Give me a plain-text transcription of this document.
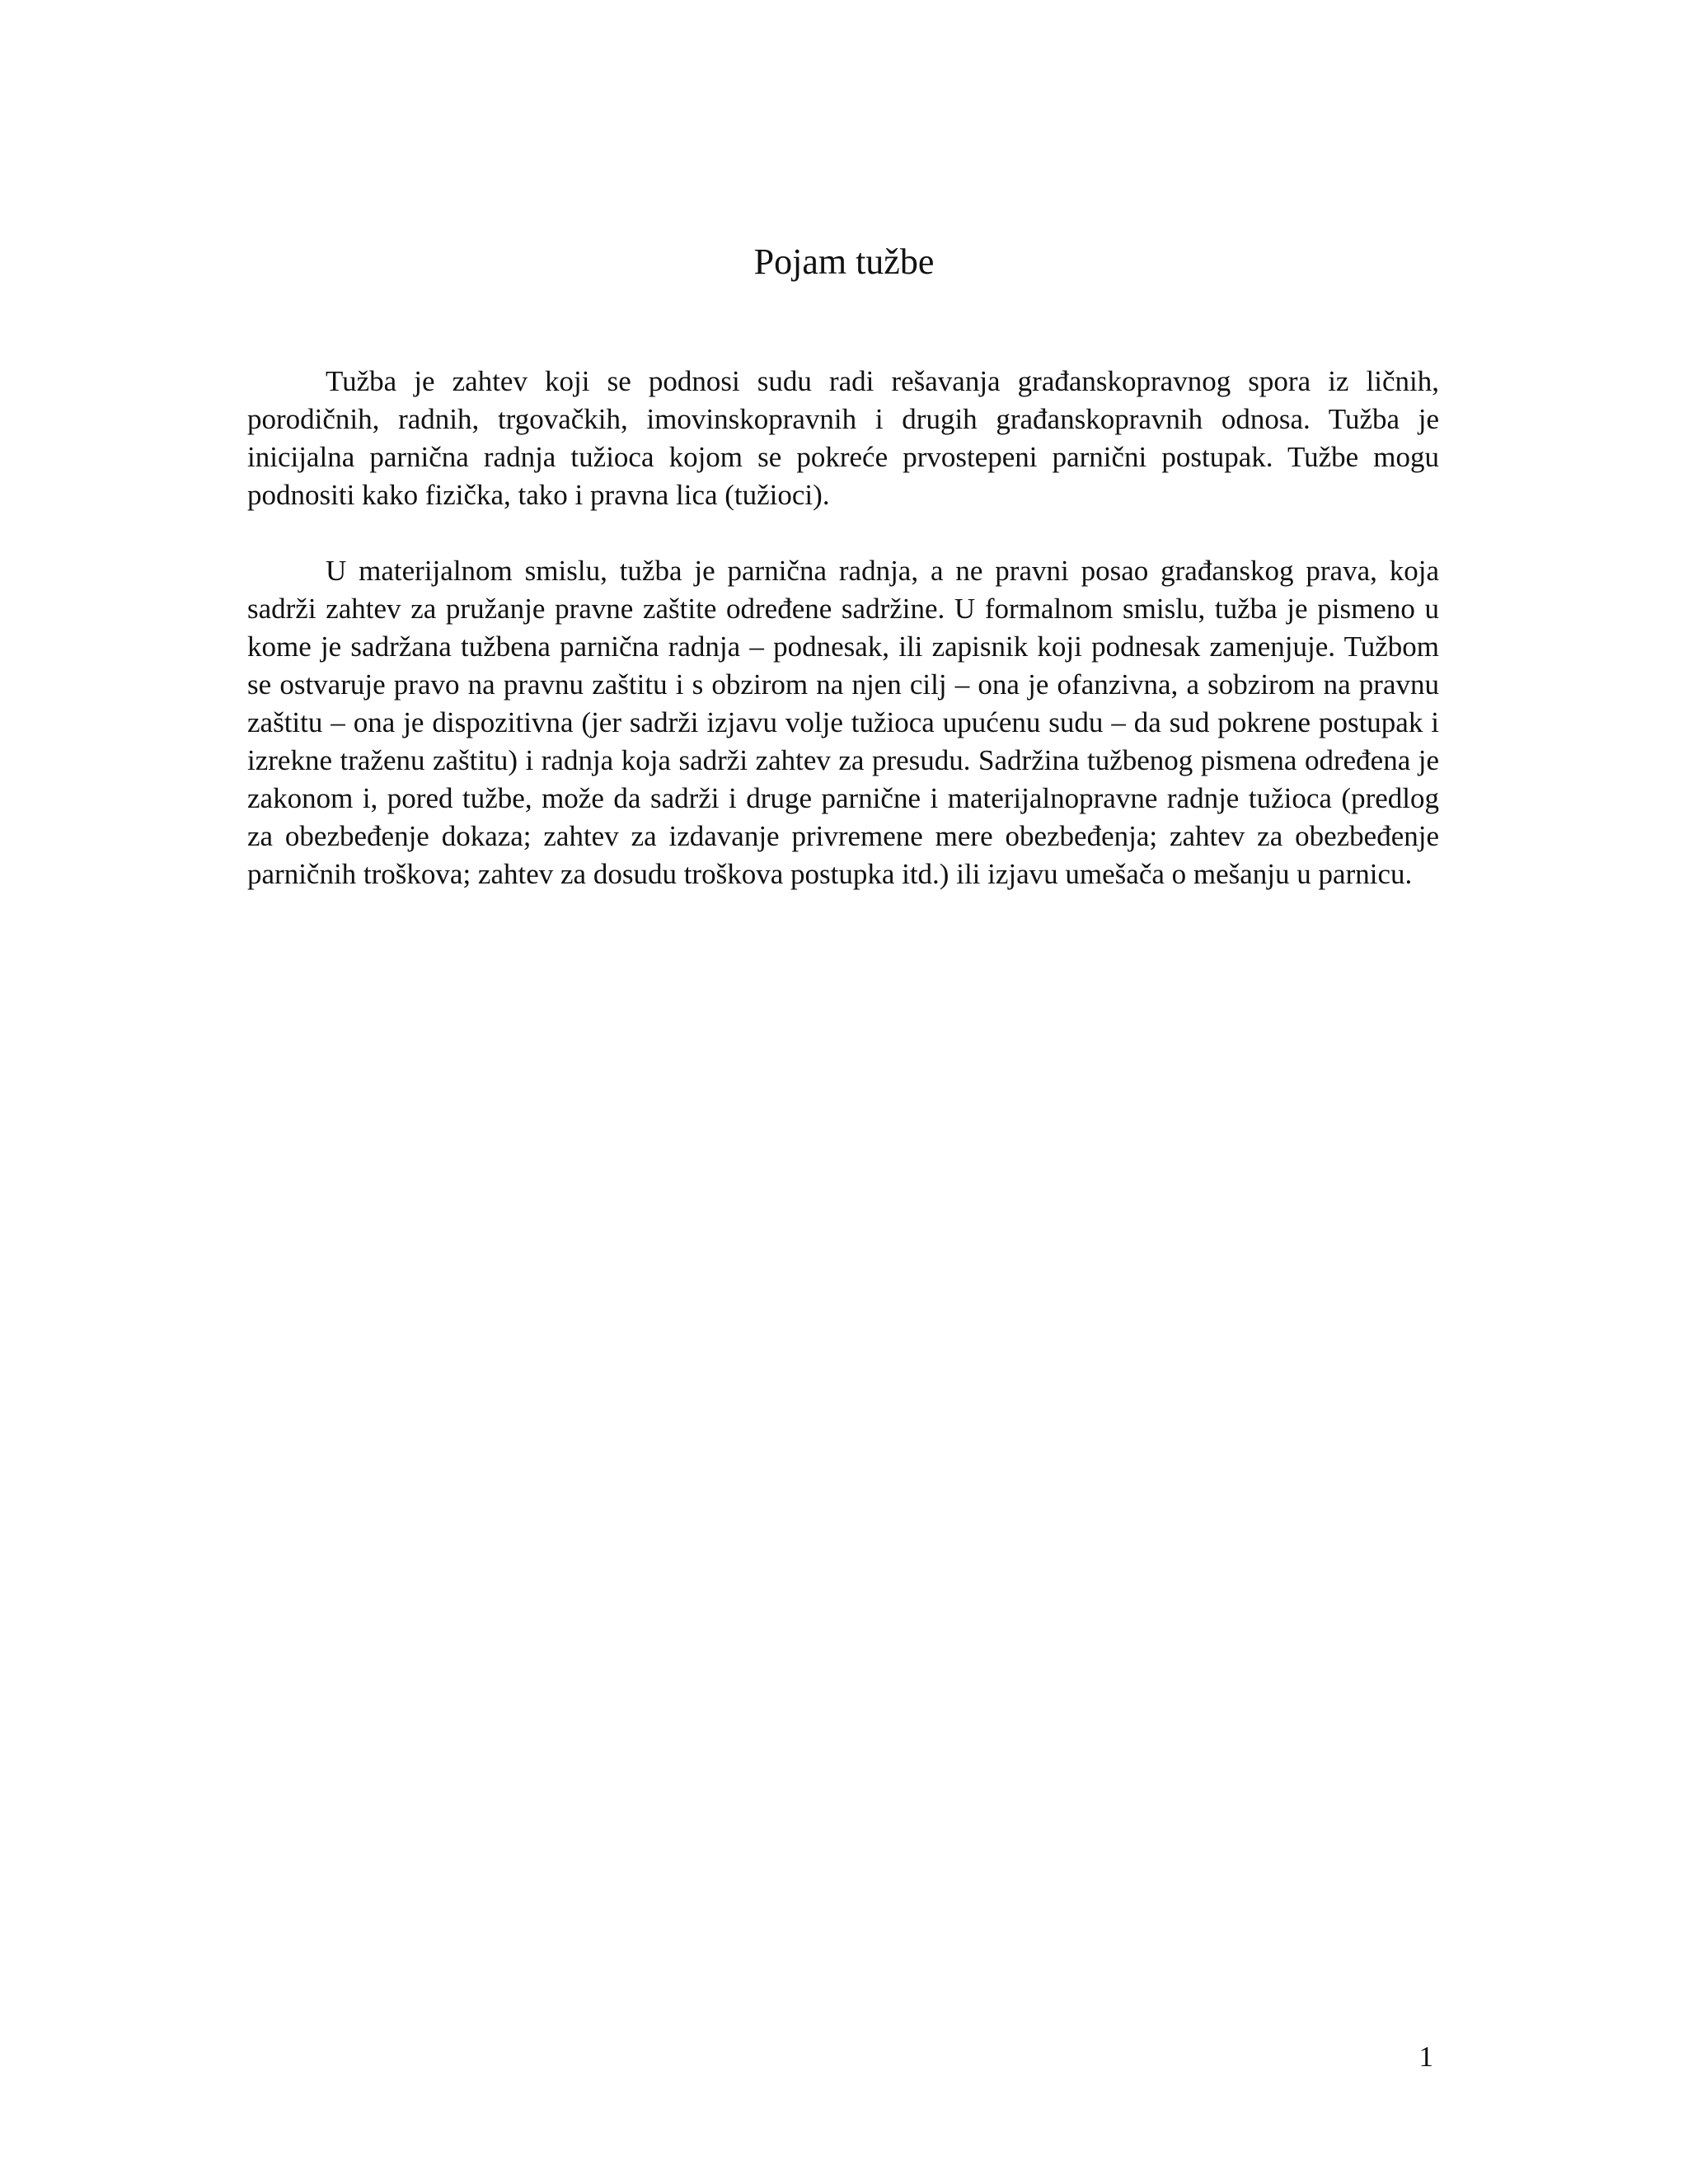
Pojam tužbe

Tužba je zahtev koji se podnosi sudu radi rešavanja građanskopravnog spora iz ličnih, porodičnih, radnih, trgovačkih, imovinskopravnih i drugih građanskopravnih odnosa. Tužba je inicijalna parnična radnja tužioca kojom se pokreće prvostepeni parnični postupak. Tužbe mogu podnositi kako fizička, tako i pravna lica (tužioci).

U materijalnom smislu, tužba je parnična radnja, a ne pravni posao građanskog prava, koja sadrži zahtev za pružanje pravne zaštite određene sadržine. U formalnom smislu, tužba je pismeno u kome je sadržana tužbena parnična radnja – podnesak, ili zapisnik koji podnesak zamenjuje. Tužbom se ostvaruje pravo na pravnu zaštitu i s obzirom na njen cilj – ona je ofanzivna, a sobzirom na pravnu zaštitu – ona je dispozitivna (jer sadrži izjavu volje tužioca upućenu sudu – da sud pokrene postupak i izrekne traženu zaštitu) i radnja koja sadrži zahtev za presudu. Sadržina tužbenog pismena određena je zakonom i, pored tužbe, može da sadrži i druge parnične i materijalnopravne radnje tužioca (predlog za obezbeđenje dokaza; zahtev za izdavanje privremene mere obezbeđenja; zahtev za obezbeđenje parničnih troškova; zahtev za dosudu troškova postupka itd.) ili izjavu umešača o mešanju u parnicu.

1
